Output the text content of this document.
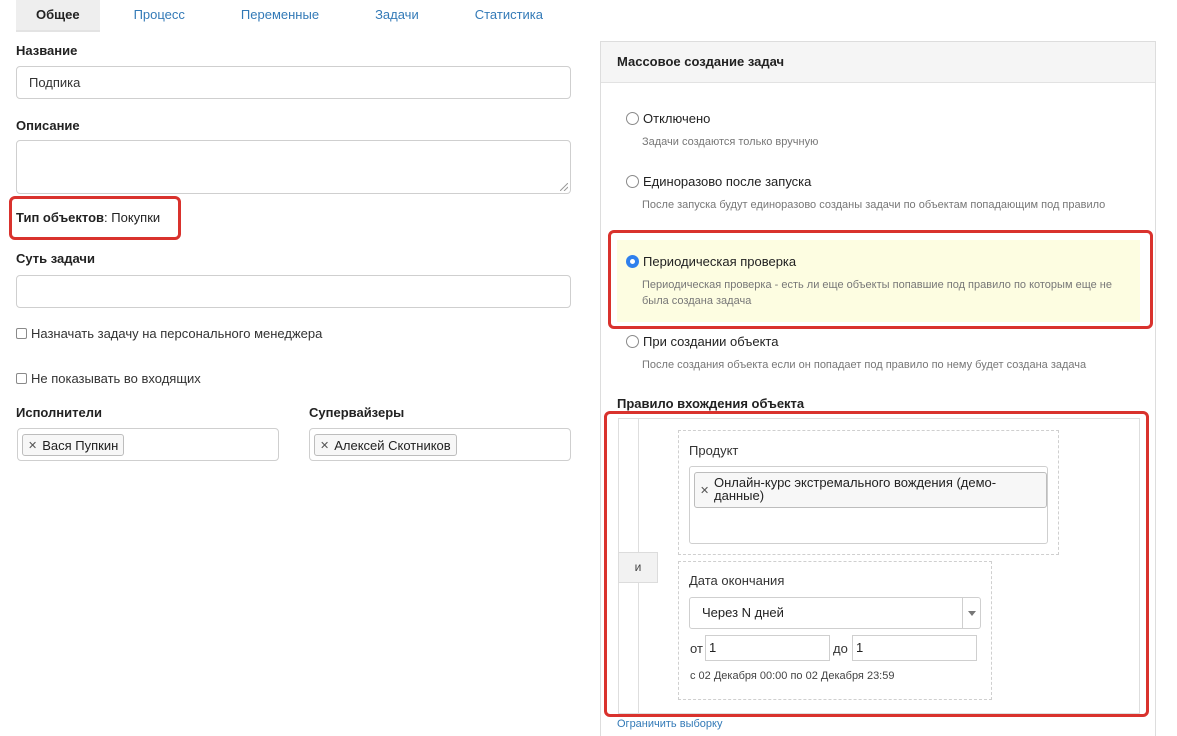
Общее	Процесс	Переменные	Задачи	Статистика
Название
Подпика
Описание
Тип объектов: Покупки
Суть задачи
Назначать задачу на персонального менеджера
Не показывать во входящих
Исполнители
✕ Вася Пупкин
Супервайзеры
✕ Алексей Скотников
Массовое создание задач
Отключено
Задачи создаются только вручную
Единоразово после запуска
После запуска будут единоразово созданы задачи по объектам попадающим под правило
Периодическая проверка
Периодическая проверка - есть ли еще объекты попавшие под правило по которым еще не была создана задача
При создании объекта
После создания объекта если он попадает под правило по нему будет создана задача
Правило вхождения объекта
и
Продукт
✕
Онлайн-курс экстремального вождения (демо-данные)
Дата окончания
Через N дней
от 1	до 1
с 02 Декабря 00:00 по 02 Декабря 23:59
Ограничить выборку
